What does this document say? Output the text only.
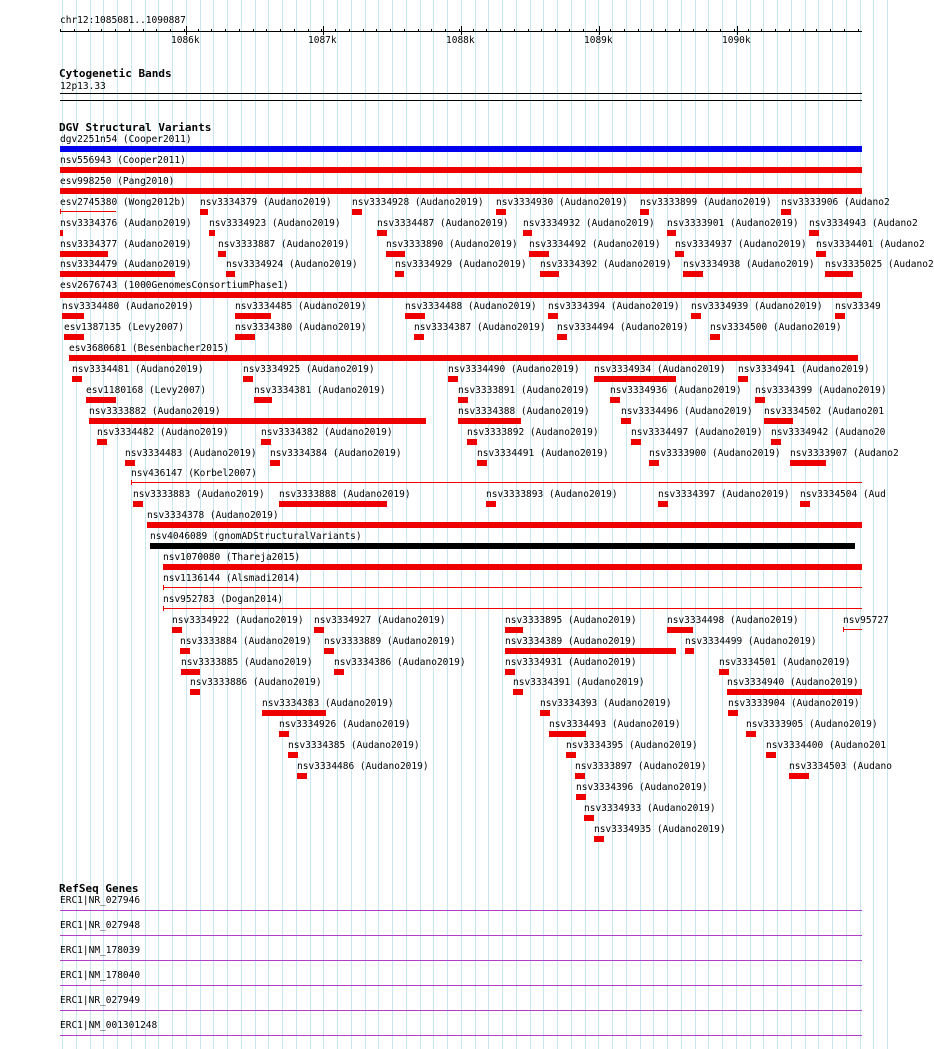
chr12:1085081..1090887
1086k	1087k	1088k	1089k	1090k
Cytogenetic Bands
12p13.33
DGV Structural Variants
dgv2251n54 (Cooper2011)
nsv556943 (Cooper2011)
esv998250 (Pang2010)
esv2745380 (Wong2012b) nsv3334379 (Audano2019) nsv3334928 (Audano2019) nsv3334930 (Audano2019) nsv3333899 (Audano2019) nsv3333906 (Audano2
nsv3334376 (Audano2019) nsv3334923 (Audano2019)	nsv3334487 (Audano2019) nsv3334932 (Audano2019) nsv3333901 (Audano2019) nsv3334943 (Audano2
nsv3334377 (Audano2019)	nsv3333887 (Audano2019)	nsv3333890 (Audano2019) nsv3334492 (Audano2019) nsv3334937 (Audano2019) nsv3334401 (Audano2
nsv3334479 (Audano2019)	nsv3334924 (Audano2019)	nsv3334929 (Audano2019) nsv3334392 (Audano2019) nsv3334938 (Audano2019) nsv3335025 (Audano2
esv2676743 (1000GenomesConsortiumPhase1)
nsv3334480 (Audano2019)	nsv3334485 (Audano2019)	nsv3334488 (Audano2019) nsv3334394 (Audano2019) nsv3334939 (Audano2019) nsv33349
esv1387135 (Levy2007)	nsv3334380 (Audano2019)	nsv3334387 (Audano2019) nsv3334494 (Audano2019) nsv3334500 (Audano2019)
esv3680681 (Besenbacher2015)
nsv3334481 (Audano2019)	nsv3334925 (Audano2019)	nsv3334490 (Audano2019) nsv3334934 (Audano2019) nsv3334941 (Audano2019)
esv1180168 (Levy2007)	nsv3334381 (Audano2019)	nsv3333891 (Audano2019) nsv3334936 (Audano2019) nsv3334399 (Audano2019)
nsv3333882 (Audano2019)	nsv3334388 (Audano2019)	nsv3334496 (Audano2019) nsv3334502 (Audano201
nsv3334482 (Audano2019)	nsv3334382 (Audano2019)	nsv3333892 (Audano2019)	nsv3334497 (Audano2019) nsv3334942 (Audano20
nsv3334483 (Audano2019) nsv3334384 (Audano2019)	nsv3334491 (Audano2019)	nsv3333900 (Audano2019) nsv3333907 (Audano2
nsv436147 (Korbel2007)
nsv3333883 (Audano2019) nsv3333888 (Audano2019)	nsv3333893 (Audano2019)	nsv3334397 (Audano2019) nsv3334504 (Aud
nsv3334378 (Audano2019)
nsv4046089 (gnomADStructuralVariants)
nsv1070080 (Thareja2015)
nsv1136144 (Alsmadi2014)
nsv952783 (Dogan2014)
nsv3334922 (Audano2019) nsv3334927 (Audano2019)	nsv3333895 (Audano2019)	nsv3334498 (Audano2019)	nsv95727
nsv3333884 (Audano2019) nsv3333889 (Audano2019)	nsv3334389 (Audano2019)	nsv3334499 (Audano2019)
nsv3333885 (Audano2019) nsv3334386 (Audano2019)	nsv3334931 (Audano2019)	nsv3334501 (Audano2019)
nsv3333886 (Audano2019)	nsv3334391 (Audano2019)	nsv3334940 (Audano2019)
nsv3334383 (Audano2019)	nsv3334393 (Audano2019)	nsv3333904 (Audano2019)
nsv3334926 (Audano2019)	nsv3334493 (Audano2019)	nsv3333905 (Audano2019)
nsv3334385 (Audano2019)	nsv3334395 (Audano2019)	nsv3334400 (Audano201
nsv3334486 (Audano2019)	nsv3333897 (Audano2019)	nsv3334503 (Audano
nsv3334396 (Audano2019)
nsv3334933 (Audano2019)
nsv3334935 (Audano2019)
RefSeq Genes
ERC1|NR_027946
ERC1|NR_027948
ERC1|NM_178039
ERC1|NM_178040
ERC1|NR_027949
ERC1|NM_001301248
